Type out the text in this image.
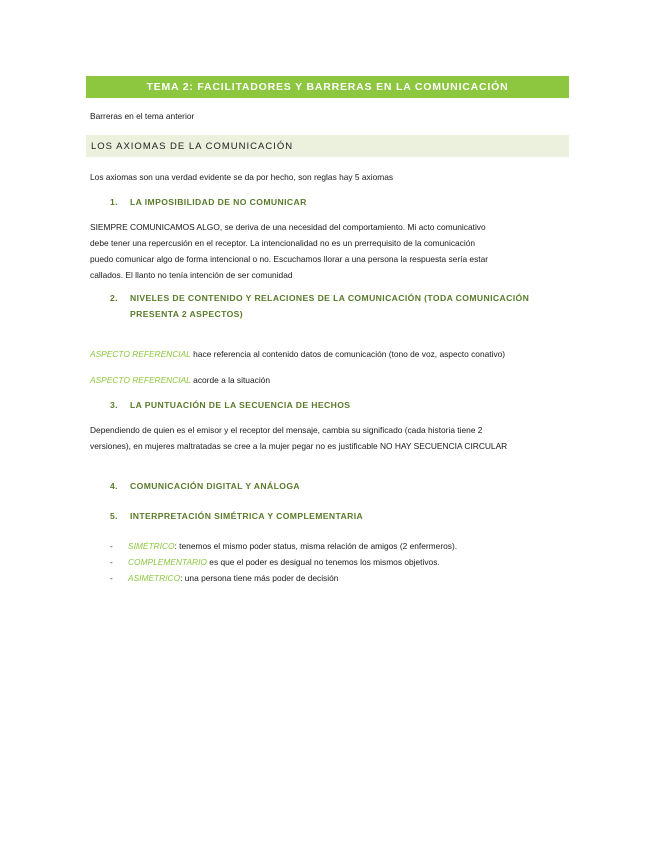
TEMA 2: FACILITADORES Y BARRERAS EN LA COMUNICACIÓN
Barreras en el tema anterior
LOS AXIOMAS DE LA COMUNICACIÓN
Los axiomas son una verdad evidente se da por hecho, son reglas hay 5 axiomas
1. LA IMPOSIBILIDAD DE NO COMUNICAR
SIEMPRE COMUNICAMOS ALGO, se deriva de una necesidad del comportamiento. Mi acto comunicativo
debe tener una repercusión en el receptor. La intencionalidad no es un prerrequisito de la comunicación
puedo comunicar algo de forma intencional o no. Escuchamos llorar a una persona la respuesta sería estar
callados. El llanto no tenía intención de ser comunidad
2. NIVELES DE CONTENIDO Y RELACIONES DE LA COMUNICACIÓN (TODA COMUNICACIÓN PRESENTA 2 ASPECTOS)
ASPECTO REFERENCIAL hace referencia al contenido datos de comunicación (tono de voz, aspecto conativo)
ASPECTO REFERENCIAL acorde a la situación
3. LA PUNTUACIÓN DE LA SECUENCIA DE HECHOS
Dependiendo de quien es el emisor y el receptor del mensaje, cambia su significado (cada historia tiene 2
versiones), en mujeres maltratadas se cree a la mujer pegar no es justificable NO HAY SECUENCIA CIRCULAR
4. COMUNICACIÓN DIGITAL Y ANÁLOGA
5. INTERPRETACIÓN SIMÉTRICA Y COMPLEMENTARIA
-	SIMÉTRICO: tenemos el mismo poder status, misma relación de amigos (2 enfermeros).
-	COMPLEMENTARIO es que el poder es desigual no tenemos los mismos objetivos.
-	ASIMETRICO: una persona tiene más poder de decisión
